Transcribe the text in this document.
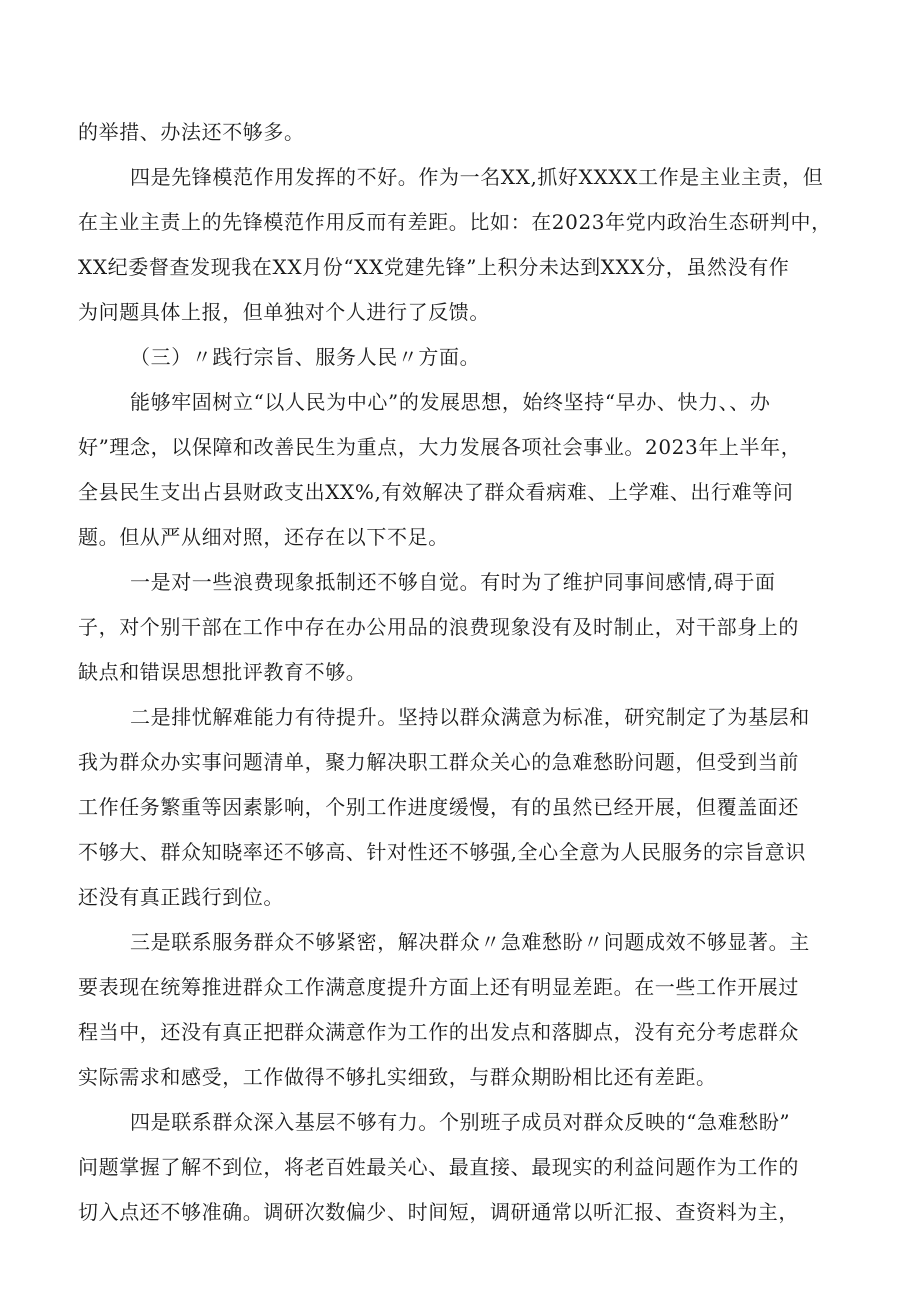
的举措、办法还不够多。

四是先锋模范作用发挥的不好。作为一名XX,抓好XXXX工作是主业主责，但

在主业主责上的先锋模范作用反而有差距。比如：在2023年党内政治生态研判中，

XX纪委督查发现我在XX月份“XX党建先锋”上积分未达到XXX分，虽然没有作

为问题具体上报，但单独对个人进行了反馈。

（三）〃践行宗旨、服务人民〃方面。

能够牢固树立“以人民为中心”的发展思想，始终坚持“早办、快力、、办

好”理念，以保障和改善民生为重点，大力发展各项社会事业。2023年上半年，

全县民生支出占县财政支出XX%,有效解决了群众看病难、上学难、出行难等问

题。但从严从细对照，还存在以下不足。

一是对一些浪费现象抵制还不够自觉。有时为了维护同事间感情,碍于面

子，对个别干部在工作中存在办公用品的浪费现象没有及时制止，对干部身上的

缺点和错误思想批评教育不够。

二是排忧解难能力有待提升。坚持以群众满意为标准，研究制定了为基层和

我为群众办实事问题清单，聚力解决职工群众关心的急难愁盼问题，但受到当前

工作任务繁重等因素影响，个别工作进度缓慢，有的虽然已经开展，但覆盖面还

不够大、群众知晓率还不够高、针对性还不够强,全心全意为人民服务的宗旨意识

还没有真正践行到位。

三是联系服务群众不够紧密，解决群众〃急难愁盼〃问题成效不够显著。主

要表现在统筹推进群众工作满意度提升方面上还有明显差距。在一些工作开展过

程当中，还没有真正把群众满意作为工作的出发点和落脚点，没有充分考虑群众

实际需求和感受，工作做得不够扎实细致，与群众期盼相比还有差距。

四是联系群众深入基层不够有力。个别班子成员对群众反映的“急难愁盼”

问题掌握了解不到位，将老百姓最关心、最直接、最现实的利益问题作为工作的

切入点还不够准确。调研次数偏少、时间短，调研通常以听汇报、查资料为主，
